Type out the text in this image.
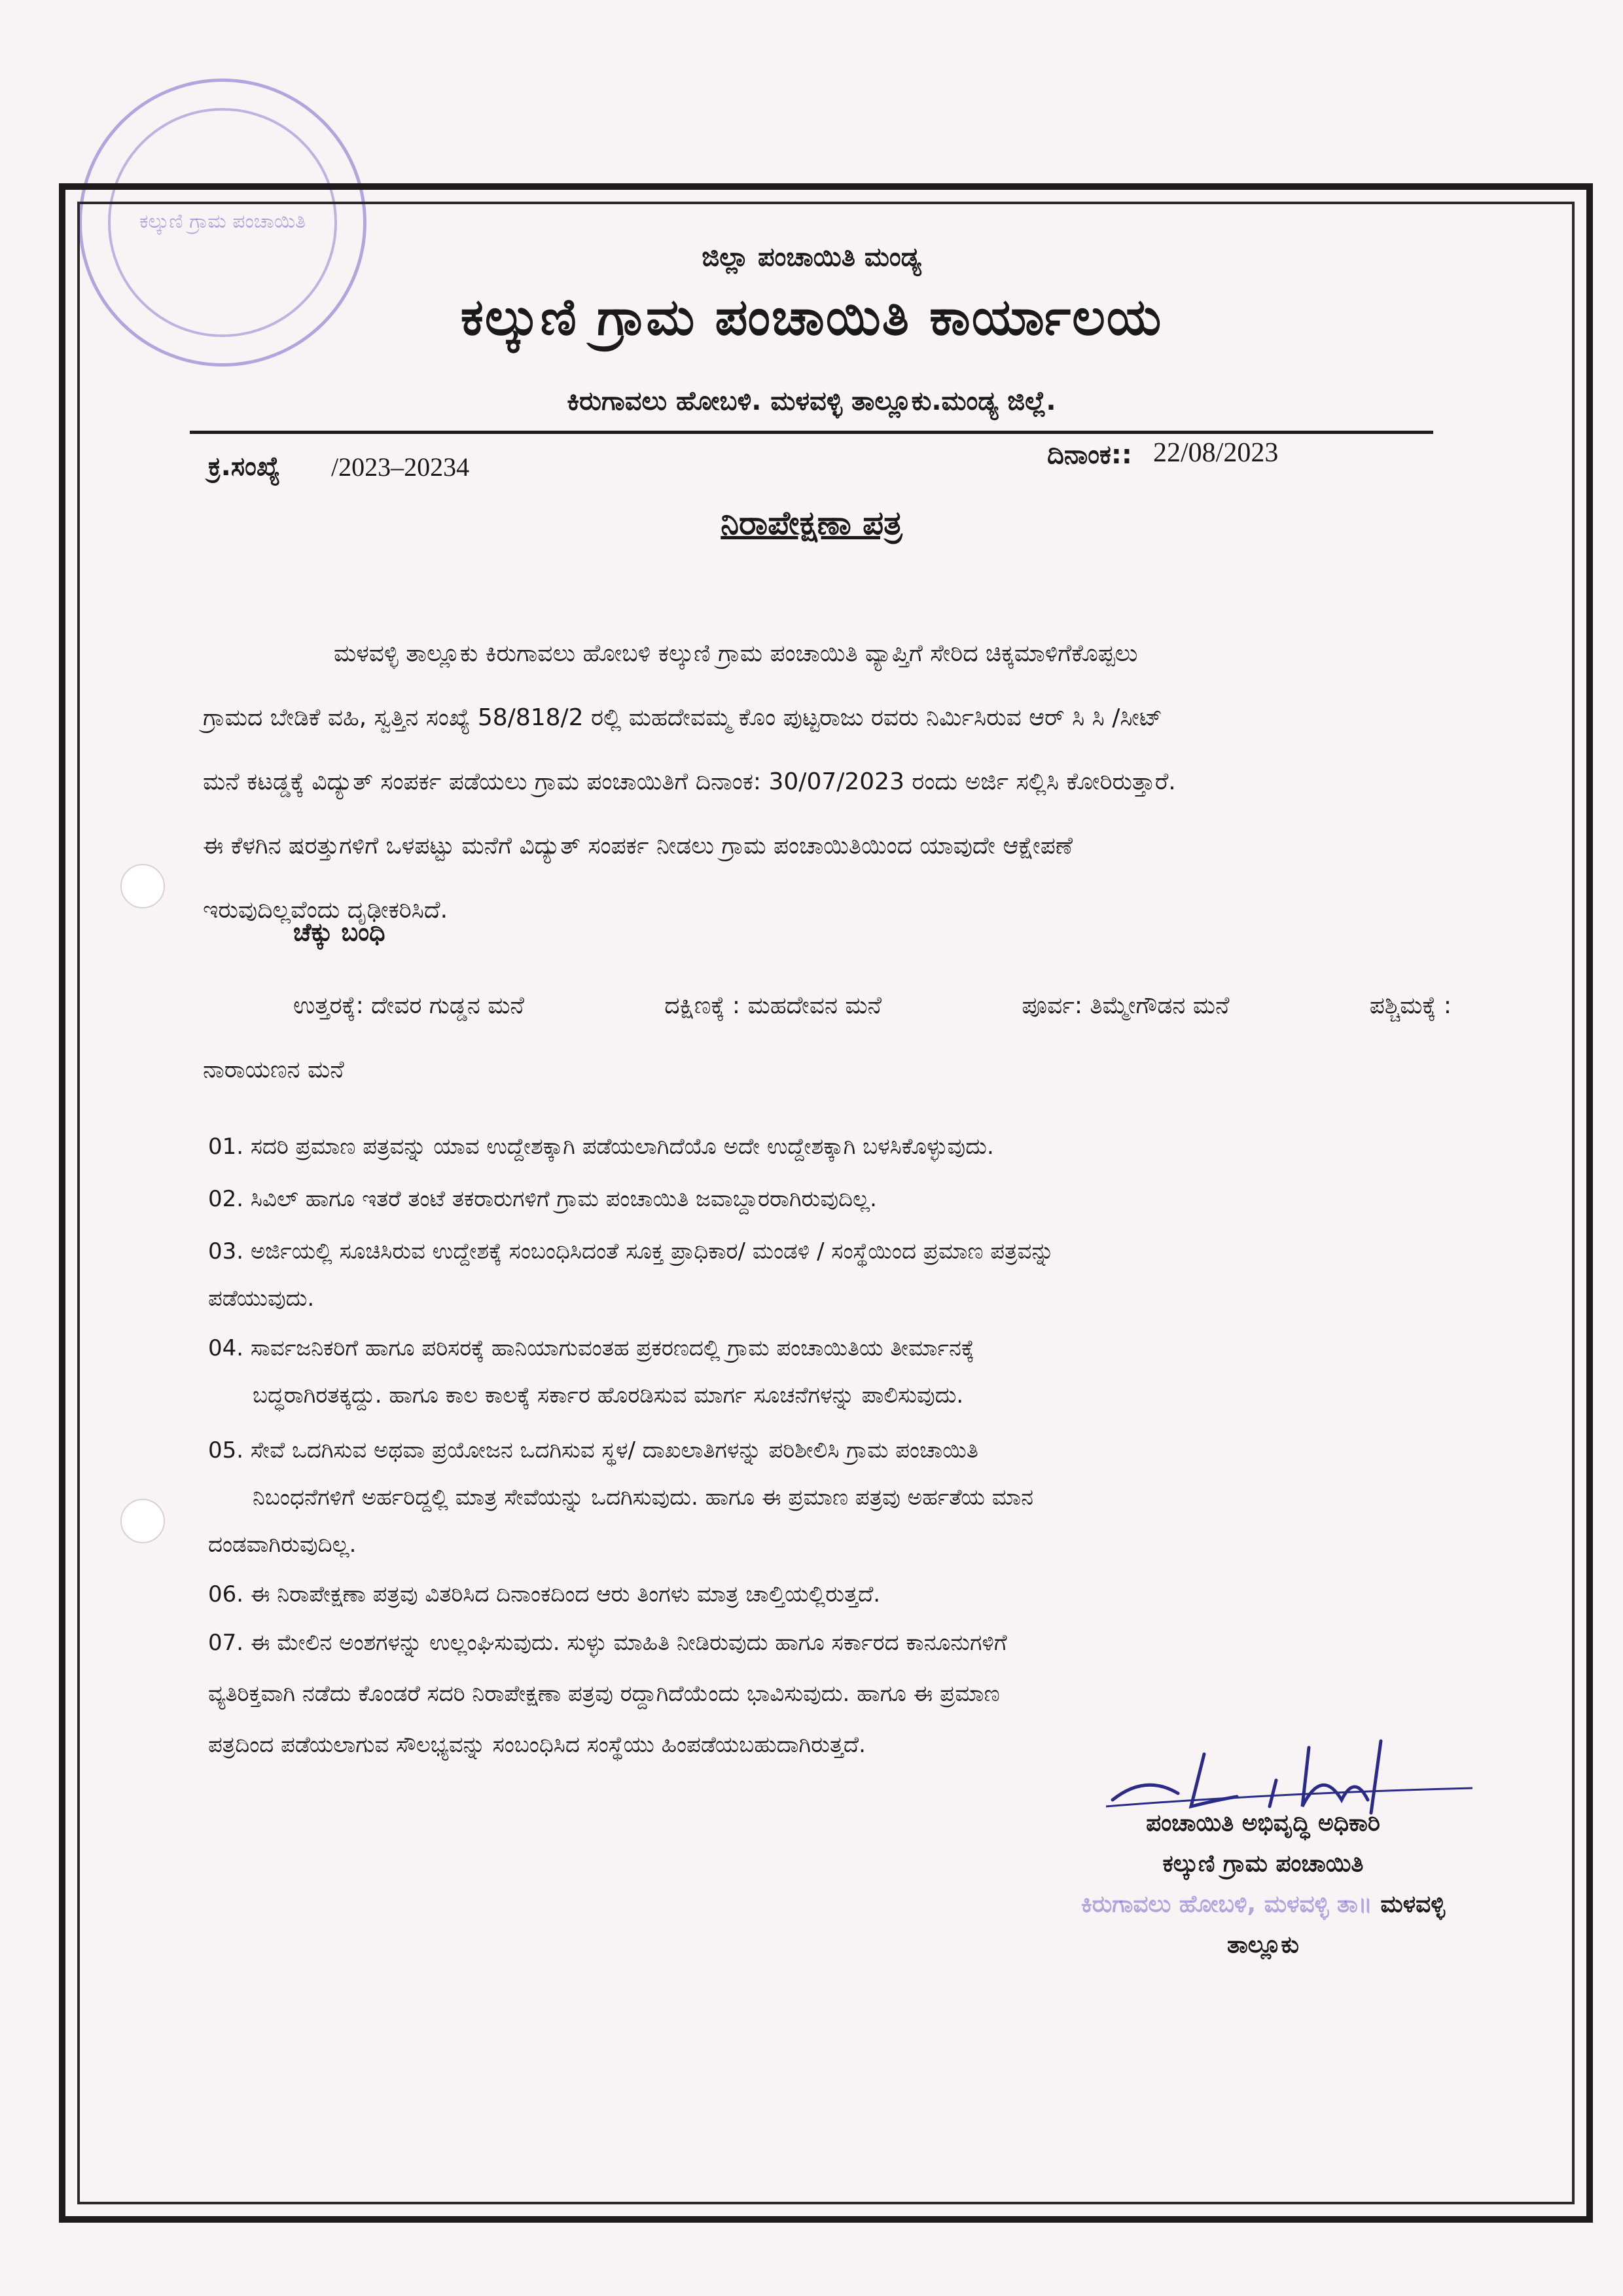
ಕಲ್ಕುಣಿ ಗ್ರಾಮ ಪಂಚಾಯಿತಿ
ಜಿಲ್ಲಾ ಪಂಚಾಯಿತಿ ಮಂಡ್ಯ
ಕಲ್ಕುಣಿ ಗ್ರಾಮ ಪಂಚಾಯಿತಿ ಕಾರ್ಯಾಲಯ
ಕಿರುಗಾವಲು ಹೋಬಳಿ. ಮಳವಳ್ಳಿ ತಾಲ್ಲೂಕು.ಮಂಡ್ಯ ಜಿಲ್ಲೆ.
ಕ್ರ.ಸಂಖ್ಯೆ /2023–20234	ದಿನಾಂಕ:: 22/08/2023
ನಿರಾಪೇಕ್ಷಣಾ ಪತ್ರ
ಮಳವಳ್ಳಿ ತಾಲ್ಲೂಕು ಕಿರುಗಾವಲು ಹೋಬಳಿ ಕಲ್ಕುಣಿ ಗ್ರಾಮ ಪಂಚಾಯಿತಿ ವ್ಯಾಪ್ತಿಗೆ ಸೇರಿದ ಚಿಕ್ಕಮಾಳಿಗೆಕೊಪ್ಪಲು
ಗ್ರಾಮದ ಬೇಡಿಕೆ ವಹಿ, ಸ್ವತ್ತಿನ ಸಂಖ್ಯೆ 58/818/2 ರಲ್ಲಿ ಮಹದೇವಮ್ಮ ಕೊಂ ಪುಟ್ಟರಾಜು ರವರು ನಿರ್ಮಿಸಿರುವ ಆರ್ ಸಿ ಸಿ /ಸೀಟ್
ಮನೆ ಕಟಡ್ಡಕ್ಕೆ ವಿದ್ಯುತ್ ಸಂಪರ್ಕ ಪಡೆಯಲು ಗ್ರಾಮ ಪಂಚಾಯಿತಿಗೆ ದಿನಾಂಕ: 30/07/2023 ರಂದು ಅರ್ಜಿ ಸಲ್ಲಿಸಿ ಕೋರಿರುತ್ತಾರೆ.
ಈ ಕೆಳಗಿನ ಷರತ್ತುಗಳಿಗೆ ಒಳಪಟ್ಟು ಮನೆಗೆ ವಿದ್ಯುತ್ ಸಂಪರ್ಕ ನೀಡಲು ಗ್ರಾಮ ಪಂಚಾಯಿತಿಯಿಂದ ಯಾವುದೇ ಆಕ್ಷೇಪಣೆ
ಇರುವುದಿಲ್ಲವೆಂದು ದೃಢೀಕರಿಸಿದೆ.
ಚೆಕ್ಕು ಬಂಧಿ
ಉತ್ತರಕ್ಕೆ: ದೇವರ ಗುಡ್ಡನ ಮನೆ	ದಕ್ಷಿಣಕ್ಕೆ : ಮಹದೇವನ ಮನೆ	ಪೂರ್ವ: ತಿಮ್ಮೇಗೌಡನ ಮನೆ	ಪಶ್ಚಿಮಕ್ಕೆ :
ನಾರಾಯಣನ ಮನೆ
01. ಸದರಿ ಪ್ರಮಾಣ ಪತ್ರವನ್ನು ಯಾವ ಉದ್ದೇಶಕ್ಕಾಗಿ ಪಡೆಯಲಾಗಿದೆಯೊ ಅದೇ ಉದ್ದೇಶಕ್ಕಾಗಿ ಬಳಸಿಕೊಳ್ಳುವುದು.
02. ಸಿವಿಲ್ ಹಾಗೂ ಇತರೆ ತಂಟೆ ತಕರಾರುಗಳಿಗೆ ಗ್ರಾಮ ಪಂಚಾಯಿತಿ ಜವಾಬ್ದಾರರಾಗಿರುವುದಿಲ್ಲ.
03. ಅರ್ಜಿಯಲ್ಲಿ ಸೂಚಿಸಿರುವ ಉದ್ದೇಶಕ್ಕೆ ಸಂಬಂಧಿಸಿದಂತೆ ಸೂಕ್ತ ಪ್ರಾಧಿಕಾರ/ ಮಂಡಳಿ / ಸಂಸ್ಥೆಯಿಂದ ಪ್ರಮಾಣ ಪತ್ರವನ್ನು
ಪಡೆಯುವುದು.
04. ಸಾರ್ವಜನಿಕರಿಗೆ ಹಾಗೂ ಪರಿಸರಕ್ಕೆ ಹಾನಿಯಾಗುವಂತಹ ಪ್ರಕರಣದಲ್ಲಿ ಗ್ರಾಮ ಪಂಚಾಯಿತಿಯ ತೀರ್ಮಾನಕ್ಕೆ
ಬದ್ಧರಾಗಿರತಕ್ಕದ್ದು. ಹಾಗೂ ಕಾಲ ಕಾಲಕ್ಕೆ ಸರ್ಕಾರ ಹೊರಡಿಸುವ ಮಾರ್ಗ ಸೂಚನೆಗಳನ್ನು ಪಾಲಿಸುವುದು.
05. ಸೇವೆ ಒದಗಿಸುವ ಅಥವಾ ಪ್ರಯೋಜನ ಒದಗಿಸುವ ಸ್ಥಳ/ ದಾಖಲಾತಿಗಳನ್ನು ಪರಿಶೀಲಿಸಿ ಗ್ರಾಮ ಪಂಚಾಯಿತಿ
ನಿಬಂಧನೆಗಳಿಗೆ ಅರ್ಹರಿದ್ದಲ್ಲಿ ಮಾತ್ರ ಸೇವೆಯನ್ನು ಒದಗಿಸುವುದು. ಹಾಗೂ ಈ ಪ್ರಮಾಣ ಪತ್ರವು ಅರ್ಹತೆಯ ಮಾನ
ದಂಡವಾಗಿರುವುದಿಲ್ಲ.
06. ಈ ನಿರಾಪೇಕ್ಷಣಾ ಪತ್ರವು ವಿತರಿಸಿದ ದಿನಾಂಕದಿಂದ ಆರು ತಿಂಗಳು ಮಾತ್ರ ಚಾಲ್ತಿಯಲ್ಲಿರುತ್ತದೆ.
07. ಈ ಮೇಲಿನ ಅಂಶಗಳನ್ನು ಉಲ್ಲಂಘಿಸುವುದು. ಸುಳ್ಳು ಮಾಹಿತಿ ನೀಡಿರುವುದು ಹಾಗೂ ಸರ್ಕಾರದ ಕಾನೂನುಗಳಿಗೆ
ವ್ಯತಿರಿಕ್ತವಾಗಿ ನಡೆದು ಕೊಂಡರೆ ಸದರಿ ನಿರಾಪೇಕ್ಷಣಾ ಪತ್ರವು ರದ್ದಾಗಿದೆಯೆಂದು ಭಾವಿಸುವುದು. ಹಾಗೂ ಈ ಪ್ರಮಾಣ
ಪತ್ರದಿಂದ ಪಡೆಯಲಾಗುವ ಸೌಲಭ್ಯವನ್ನು ಸಂಬಂಧಿಸಿದ ಸಂಸ್ಥೆಯು ಹಿಂಪಡೆಯಬಹುದಾಗಿರುತ್ತದೆ.
ಪಂಚಾಯಿತಿ ಅಭಿವೃದ್ಧಿ ಅಧಿಕಾರಿ
ಕಲ್ಕುಣಿ ಗ್ರಾಮ ಪಂಚಾಯಿತಿ
ಕಿರುಗಾವಲು ಹೋಬಳಿ, ಮಳವಳ್ಳಿ ತಾ॥ ಮಳವಳ್ಳಿ ತಾಲ್ಲೂಕು
